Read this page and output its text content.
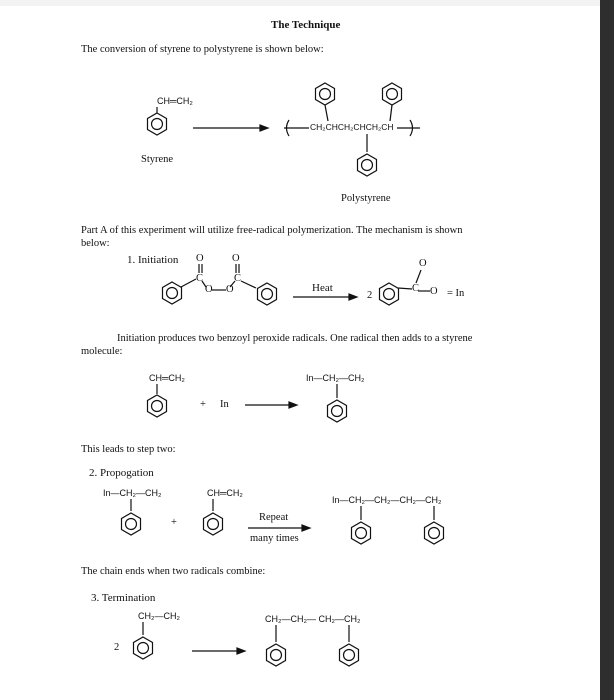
The Technique
The conversion of styrene to polystyrene is shown below:
CH═CH₂
Styrene
CH₂CHCH₂CHCH₂CH
Polystyrene
Part A of this experiment will utilize free-radical polymerization. The mechanism is shown
below:
1. Initiation O	O
C	C
O O	Heat
2
C
O
O = In
Initiation produces two benzoyl peroxide radicals. One radical then adds to a styrene
molecule:
CH═CH₂
+ In
In—CH₂—CH₂
This leads to step two:
2. Propogation
In—CH₂—CH₂
+
CH═CH₂
Repeat
many times
In—CH₂—CH₂—CH₂—CH₂
The chain ends when two radicals combine:
3. Termination
CH₂—CH₂
2
CH₂—CH₂— CH₂—CH₂
